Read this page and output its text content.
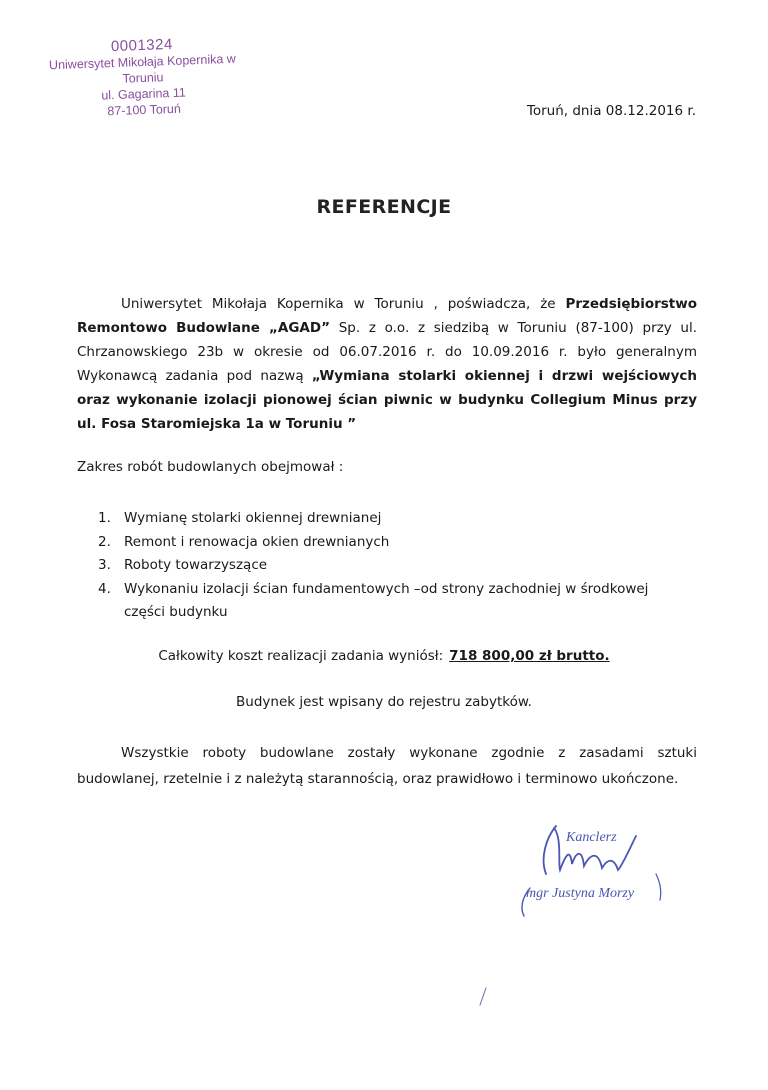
0001324
Uniwersytet Mikołaja Kopernika w Toruniu
ul. Gagarina 11
87-100 Toruń	Toruń, dnia 08.12.2016 r.
REFERENCJE
Uniwersytet Mikołaja Kopernika w Toruniu , poświadcza, że Przedsiębiorstwo Remontowo Budowlane „AGAD” Sp. z o.o. z siedzibą w Toruniu (87-100) przy ul. Chrzanowskiego 23b w okresie od 06.07.2016 r. do 10.09.2016 r. było generalnym Wykonawcą zadania pod nazwą „Wymiana stolarki okiennej i drzwi wejściowych oraz wykonanie izolacji pionowej ścian piwnic w budynku Collegium Minus przy ul. Fosa Staromiejska 1a w Toruniu ”
Zakres robót budowlanych obejmował :
1. Wymianę stolarki okiennej drewnianej
2. Remont i renowacja okien drewnianych
3. Roboty towarzyszące
4. Wykonaniu izolacji ścian fundamentowych –od strony zachodniej w środkowej części budynku
Całkowity koszt realizacji zadania wyniósł: 718 800,00 zł brutto.
Budynek jest wpisany do rejestru zabytków.
Wszystkie roboty budowlane zostały wykonane zgodnie z zasadami sztuki budowlanej, rzetelnie i z należytą starannością, oraz prawidłowo i terminowo ukończone.
Kanclerz
mgr Justyna Morzy
